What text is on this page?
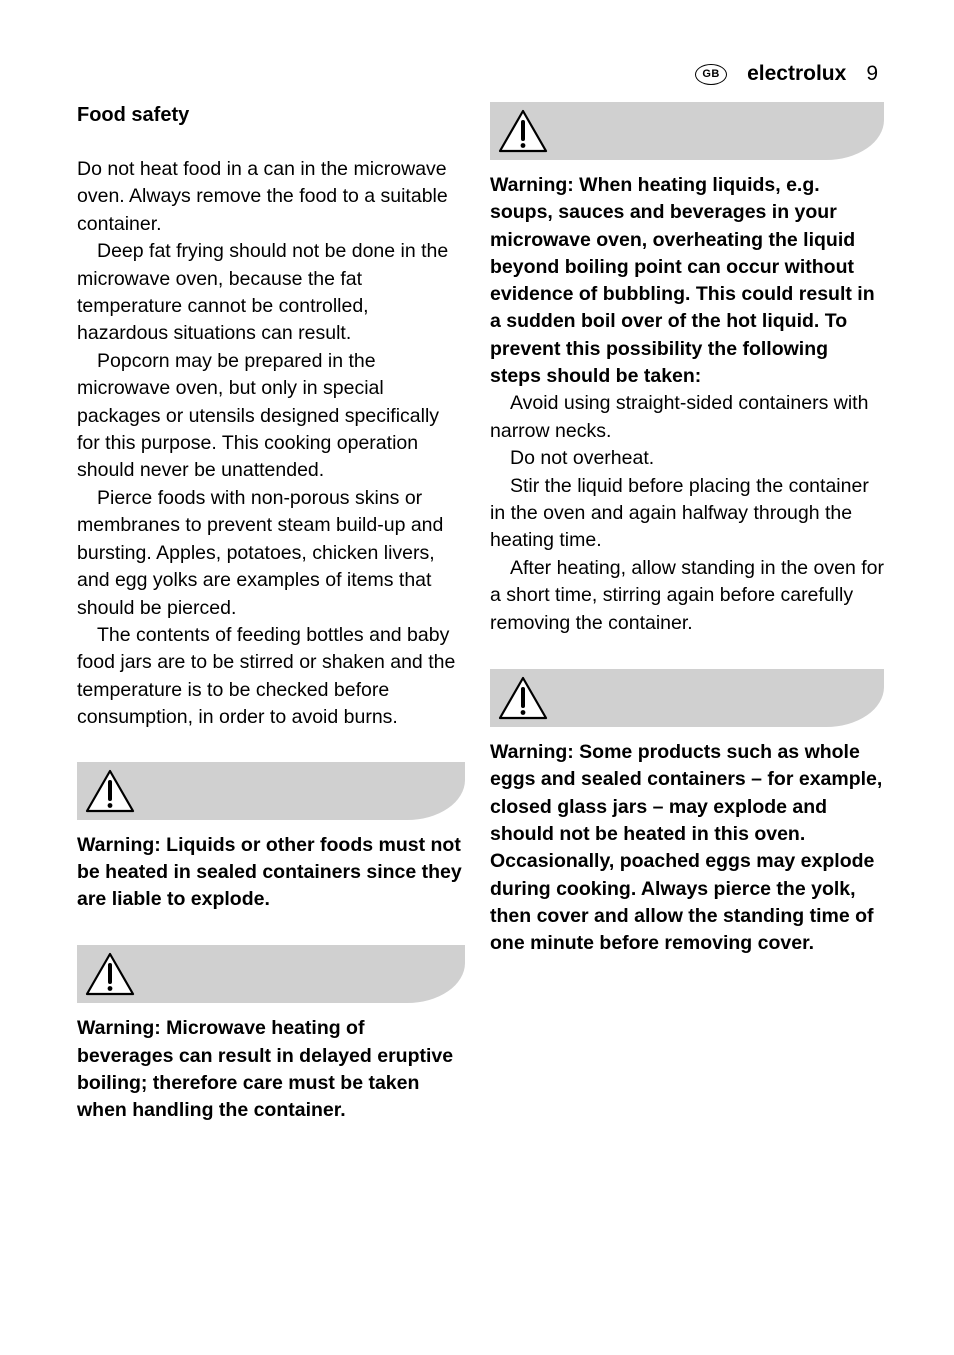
GB	electrolux 9

Food safety

Do not heat food in a can in the microwave oven. Always remove the food to a suitable container.

Deep fat frying should not be done in the microwave oven, because the fat temperature cannot be controlled, hazardous situations can result.

Popcorn may be prepared in the microwave oven, but only in special packages or utensils designed specifically for this purpose. This cooking operation should never be unattended.

Pierce foods with non-porous skins or membranes to prevent steam build-up and bursting. Apples, potatoes, chicken livers, and egg yolks are examples of items that should be pierced.

The contents of feeding bottles and baby food jars are to be stirred or shaken and the temperature is to be checked before consumption, in order to avoid burns.

Warning: Liquids or other foods must not be heated in sealed containers since they are liable to explode.

Warning: Microwave heating of beverages can result in delayed eruptive boiling; therefore care must be taken when handling the container.

Warning: When heating liquids, e.g. soups, sauces and beverages in your microwave oven, overheating the liquid beyond boiling point can occur without evidence of bubbling. This could result in a sudden boil over of the hot liquid. To prevent this possibility the following steps should be taken:

Avoid using straight-sided containers with narrow necks.

Do not overheat.

Stir the liquid before placing the container in the oven and again halfway through the heating time.

After heating, allow standing in the oven for a short time, stirring again before carefully removing the container.

Warning: Some products such as whole eggs and sealed containers – for example, closed glass jars – may explode and should not be heated in this oven. Occasionally, poached eggs may explode during cooking. Always pierce the yolk, then cover and allow the standing time of one minute before removing cover.
